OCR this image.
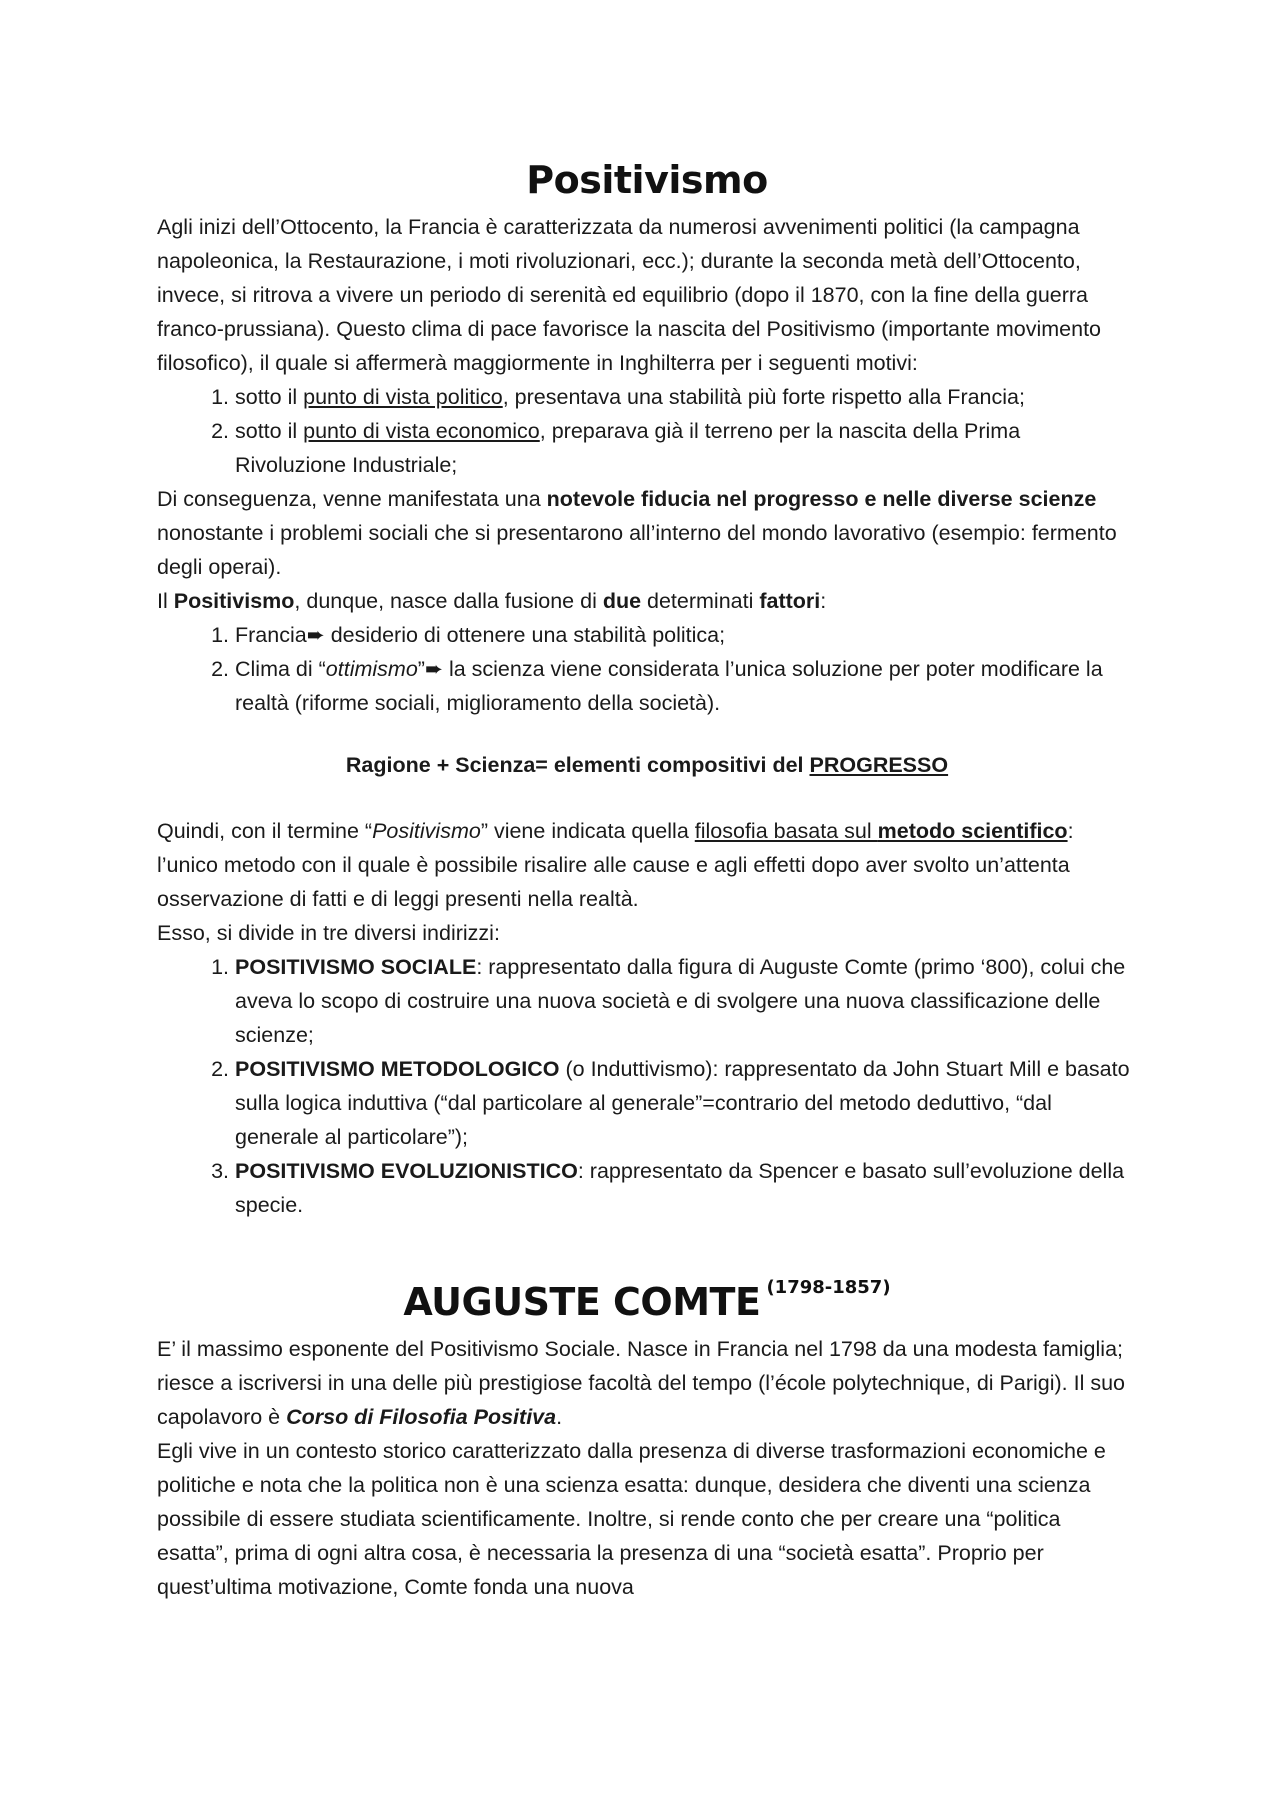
Positivismo

Agli inizi dell’Ottocento, la Francia è caratterizzata da numerosi avvenimenti politici (la campagna napoleonica, la Restaurazione, i moti rivoluzionari, ecc.); durante la seconda metà dell’Ottocento, invece, si ritrova a vivere un periodo di serenità ed equilibrio (dopo il 1870, con la fine della guerra franco-prussiana). Questo clima di pace favorisce la nascita del Positivismo (importante movimento filosofico), il quale si affermerà maggiormente in Inghilterra per i seguenti motivi:

1. sotto il punto di vista politico, presentava una stabilità più forte rispetto alla Francia;
2. sotto il punto di vista economico, preparava già il terreno per la nascita della Prima Rivoluzione Industriale;

Di conseguenza, venne manifestata una notevole fiducia nel progresso e nelle diverse scienze nonostante i problemi sociali che si presentarono all’interno del mondo lavorativo (esempio: fermento degli operai).

Il Positivismo, dunque, nasce dalla fusione di due determinati fattori:

1. Francia➨ desiderio di ottenere una stabilità politica;
2. Clima di “ottimismo”➨ la scienza viene considerata l’unica soluzione per poter modificare la realtà (riforme sociali, miglioramento della società).

Ragione + Scienza= elementi compositivi del PROGRESSO

Quindi, con il termine “Positivismo” viene indicata quella filosofia basata sul metodo scientifico: l’unico metodo con il quale è possibile risalire alle cause e agli effetti dopo aver svolto un’attenta osservazione di fatti e di leggi presenti nella realtà.

Esso, si divide in tre diversi indirizzi:

1. POSITIVISMO SOCIALE: rappresentato dalla figura di Auguste Comte (primo ‘800), colui che aveva lo scopo di costruire una nuova società e di svolgere una nuova classificazione delle scienze;
2. POSITIVISMO METODOLOGICO (o Induttivismo): rappresentato da John Stuart Mill e basato sulla logica induttiva (“dal particolare al generale”=contrario del metodo deduttivo, “dal generale al particolare”);
3. POSITIVISMO EVOLUZIONISTICO: rappresentato da Spencer e basato sull’evoluzione della specie.
AUGUSTE COMTE $^{(1798-1857)}$

E’ il massimo esponente del Positivismo Sociale. Nasce in Francia nel 1798 da una modesta famiglia; riesce a iscriversi in una delle più prestigiose facoltà del tempo (l’école polytechnique, di Parigi). Il suo capolavoro è Corso di Filosofia Positiva.

Egli vive in un contesto storico caratterizzato dalla presenza di diverse trasformazioni economiche e politiche e nota che la politica non è una scienza esatta: dunque, desidera che diventi una scienza possibile di essere studiata scientificamente. Inoltre, si rende conto che per creare una “politica esatta”, prima di ogni altra cosa, è necessaria la presenza di una “società esatta”. Proprio per quest’ultima motivazione, Comte fonda una nuova
